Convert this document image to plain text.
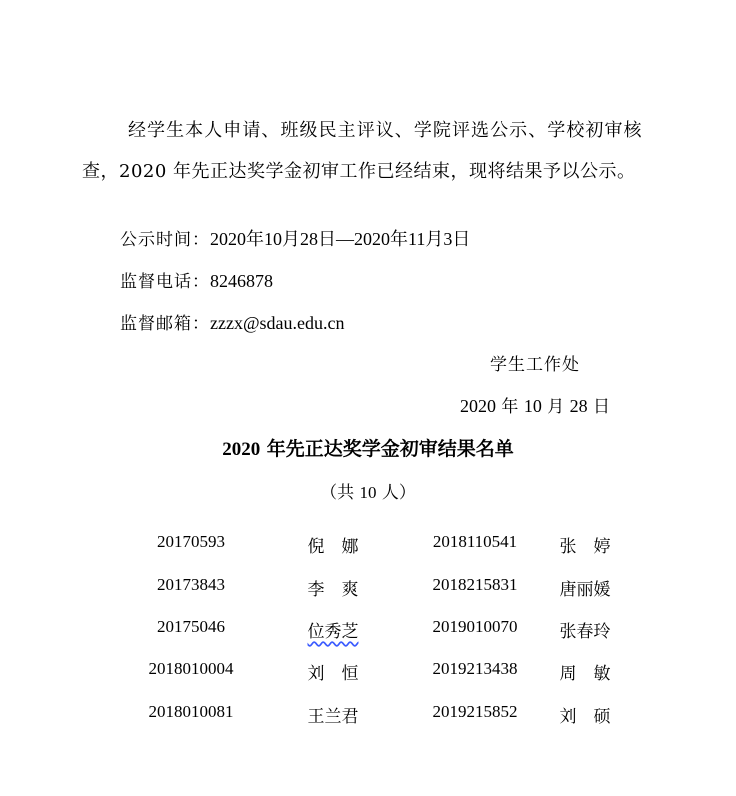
经学生本人申请、班级民主评议、学院评选公示、学校初审核查，2020 年先正达奖学金初审工作已经结束，现将结果予以公示。

公示时间：2020年10月28日—2020年11月3日
监督电话：8246878
监督邮箱：zzzx@sdau.edu.cn
学生工作处
2020 年 10 月 28 日
2020 年先正达奖学金初审结果名单
（共 10 人）
20170593	倪　娜	2018110541	张　婷
20173843	李　爽	2018215831	唐丽媛
20175046	位秀芝	2019010070	张春玲
2018010004	刘　恒	2019213438	周　敏
2018010081	王兰君	2019215852	刘　硕
